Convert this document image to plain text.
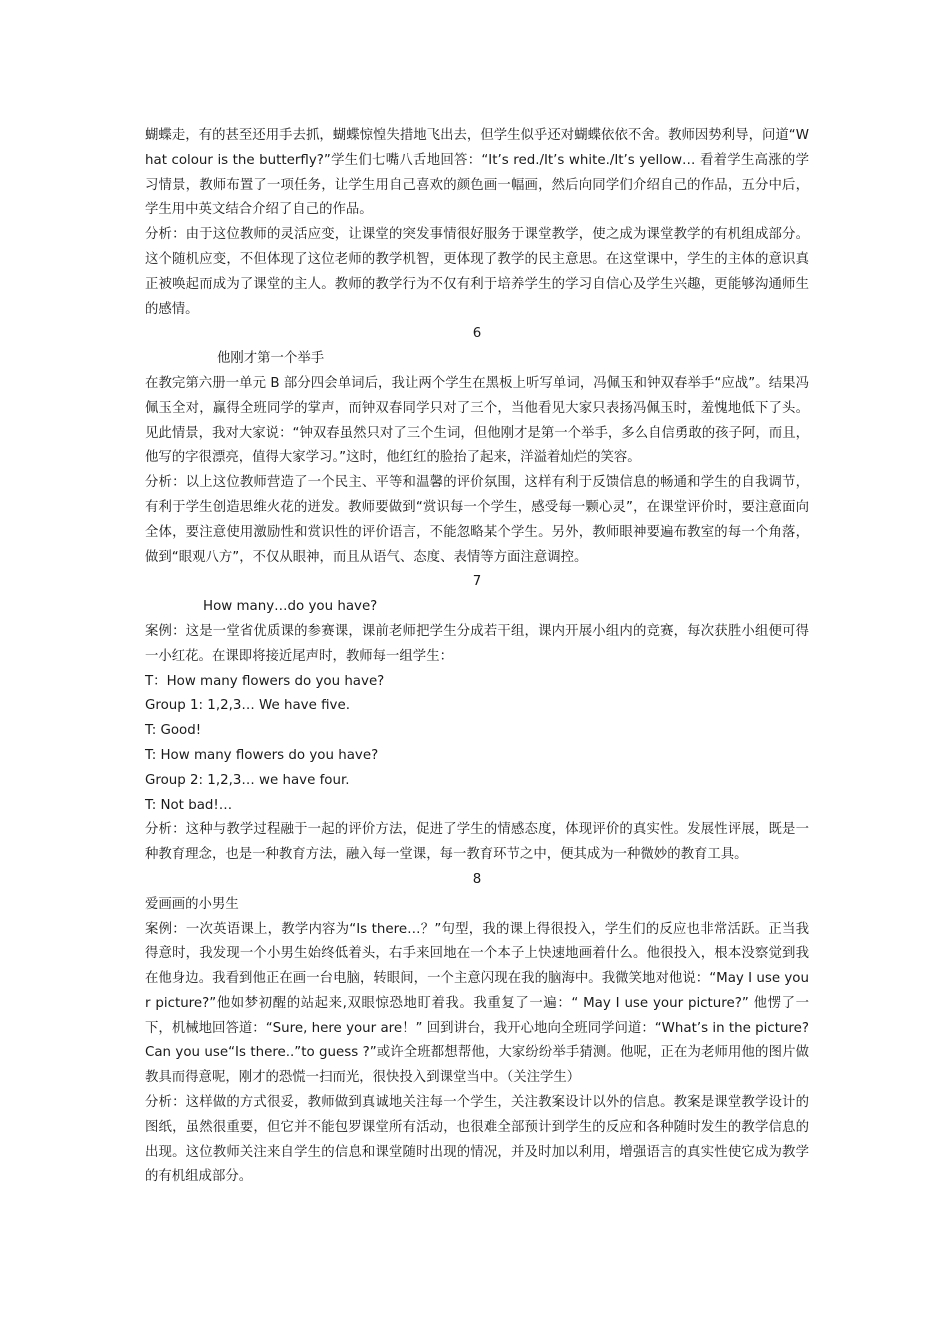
蝴蝶走，有的甚至还用手去抓，蝴蝶惊惶失措地飞出去，但学生似乎还对蝴蝶依依不舍。教师因势利导，问道“What colour is the butterfly?”学生们七嘴八舌地回答：“It’s red./It’s white./It’s yellow… 看着学生高涨的学习情景，教师布置了一项任务，让学生用自己喜欢的颜色画一幅画，然后向同学们介绍自己的作品，五分中后，学生用中英文结合介绍了自己的作品。

分析：由于这位教师的灵活应变，让课堂的突发事情很好服务于课堂教学，使之成为课堂教学的有机组成部分。这个随机应变，不但体现了这位老师的教学机智，更体现了教学的民主意思。在这堂课中，学生的主体的意识真正被唤起而成为了课堂的主人。教师的教学行为不仅有利于培养学生的学习自信心及学生兴趣，更能够沟通师生的感情。

6

他刚才第一个举手

在教完第六册一单元 B 部分四会单词后，我让两个学生在黑板上听写单词，冯佩玉和钟双春举手“应战”。结果冯佩玉全对，赢得全班同学的掌声，而钟双春同学只对了三个，当他看见大家只表扬冯佩玉时，羞愧地低下了头。见此情景，我对大家说：“钟双春虽然只对了三个生词，但他刚才是第一个举手，多么自信勇敢的孩子阿，而且，他写的字很漂亮，值得大家学习。”这时，他红红的脸抬了起来，洋溢着灿烂的笑容。

分析：以上这位教师营造了一个民主、平等和温馨的评价氛围，这样有利于反馈信息的畅通和学生的自我调节，有利于学生创造思维火花的迸发。教师要做到“赏识每一个学生，感受每一颗心灵”，在课堂评价时，要注意面向全体，要注意使用激励性和赏识性的评价语言，不能忽略某个学生。另外，教师眼神要遍布教室的每一个角落，做到“眼观八方”，不仅从眼神，而且从语气、态度、表情等方面注意调控。

7

How many…do you have?

案例：这是一堂省优质课的参赛课，课前老师把学生分成若干组，课内开展小组内的竞赛，每次获胜小组便可得一小红花。在课即将接近尾声时，教师每一组学生：

T：How many flowers do you have?

Group 1: 1,2,3… We have five.

T: Good!

T: How many flowers do you have?

Group 2: 1,2,3… we have four.

T: Not bad!…

分析：这种与教学过程融于一起的评价方法，促进了学生的情感态度，体现评价的真实性。发展性评展，既是一种教育理念，也是一种教育方法，融入每一堂课，每一教育环节之中，便其成为一种微妙的教育工具。

8

爱画画的小男生

案例：一次英语课上，教学内容为“Is there…？”句型，我的课上得很投入，学生们的反应也非常活跃。正当我得意时，我发现一个小男生始终低着头，右手来回地在一个本子上快速地画着什么。他很投入，根本没察觉到我在他身边。我看到他正在画一台电脑，转眼间，一个主意闪现在我的脑海中。我微笑地对他说：“May I use your picture?”他如梦初醒的站起来,双眼惊恐地盯着我。我重复了一遍：“ May I use your picture?” 他愣了一下，机械地回答道：“Sure, here your are！” 回到讲台，我开心地向全班同学问道：“What’s in the picture? Can you use“Is there..”to guess ?”或许全班都想帮他，大家纷纷举手猜测。他呢，正在为老师用他的图片做教具而得意呢，刚才的恐慌一扫而光，很快投入到课堂当中。（关注学生）

分析：这样做的方式很妥，教师做到真诚地关注每一个学生，关注教案设计以外的信息。教案是课堂教学设计的图纸，虽然很重要，但它并不能包罗课堂所有活动，也很难全部预计到学生的反应和各种随时发生的教学信息的出现。这位教师关注来自学生的信息和课堂随时出现的情况，并及时加以利用，增强语言的真实性使它成为教学的有机组成部分。
